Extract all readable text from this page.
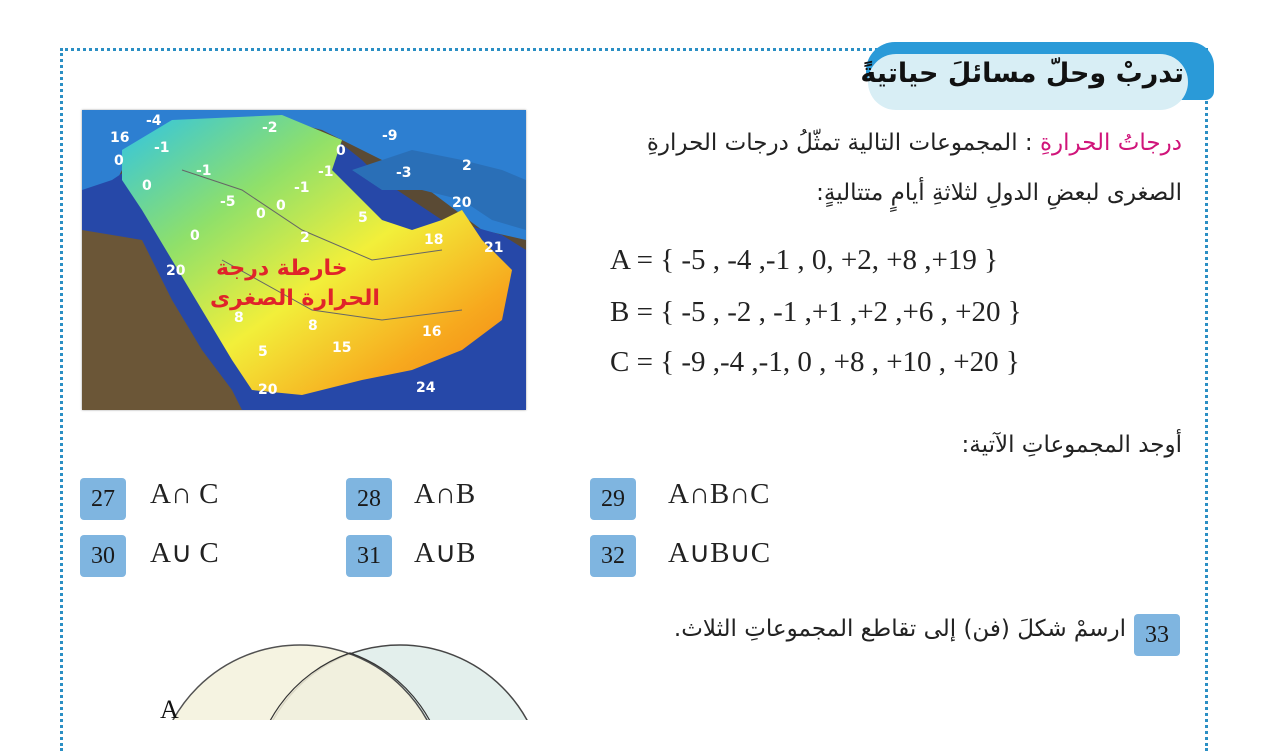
تدربْ وحلّ مسائلَ حياتيةً
خارطة درجة
الحرارة الصغرى
16
-4
0
-2	-9
-1	0
2
0
-1
-1
-5
0
-1
0
-3
20
5
0	2	18	21
20
8	8	16
5	15
20	24
درجاتُ الحرارةِ : المجموعات التالية تمثّلُ درجات الحرارةِ
الصغرى لبعضِ الدولِ لثلاثةِ أيامٍ متتاليةٍ:
A = { -5 , -4 ,-1 , 0, +2, +8 ,+19 }
B = { -5 , -2 , -1 ,+1 ,+2 ,+6 , +20 }
C = { -9 ,-4 ,-1, 0 , +8 , +10 , +20 }
أوجد المجموعاتِ الآتية:
27	A∩ C	28	A∩B	29	A∩B∩C
30	A∪ C	31	A∪B	32	A∪B∪C
33
ارسمْ شكلَ (فن) إلى تقاطع المجموعاتِ الثلاث.
A
